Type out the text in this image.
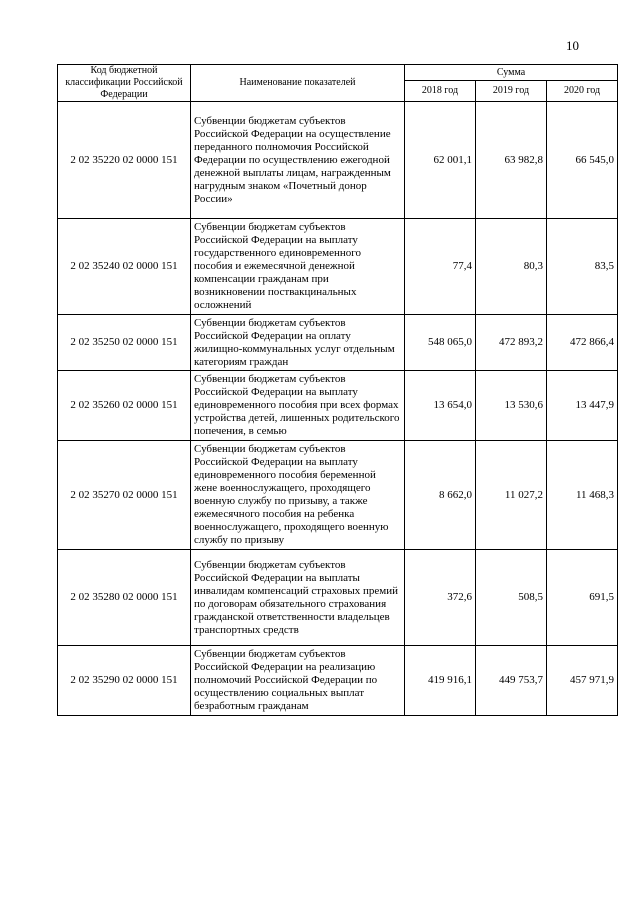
10
Код бюджетной классификации Российской Федерации	Наименование показателей	Сумма		
		2018 год	2019 год	2020 год
2 02 35220 02 0000 151	Субвенции бюджетам субъектов Российской Федерации на осуществление переданного полномочия Российской Федерации по осуществлению ежегодной денежной выплаты лицам, награжденным нагрудным знаком «Почетный донор России»	62 001,1	63 982,8	66 545,0
2 02 35240 02 0000 151	Субвенции бюджетам субъектов Российской Федерации на выплату государственного единовременного пособия и ежемесячной денежной компенсации гражданам при возникновении поствакцинальных осложнений	77,4	80,3	83,5
2 02 35250 02 0000 151	Субвенции бюджетам субъектов Российской Федерации на оплату жилищно-коммунальных услуг отдельным категориям граждан	548 065,0	472 893,2	472 866,4
2 02 35260 02 0000 151	Субвенции бюджетам субъектов Российской Федерации на выплату единовременного пособия при всех формах устройства детей, лишенных родительского попечения, в семью	13 654,0	13 530,6	13 447,9
2 02 35270 02 0000 151	Субвенции бюджетам субъектов Российской Федерации на выплату единовременного пособия беременной жене военнослужащего, проходящего военную службу по призыву, а также ежемесячного пособия на ребенка военнослужащего, проходящего военную службу по призыву	8 662,0	11 027,2	11 468,3
2 02 35280 02 0000 151	Субвенции бюджетам субъектов Российской Федерации на выплаты инвалидам компенсаций страховых премий по договорам обязательного страхования гражданской ответственности владельцев транспортных средств	372,6	508,5	691,5
2 02 35290 02 0000 151	Субвенции бюджетам субъектов Российской Федерации на реализацию полномочий Российской Федерации по осуществлению социальных выплат безработным гражданам	419 916,1	449 753,7	457 971,9
